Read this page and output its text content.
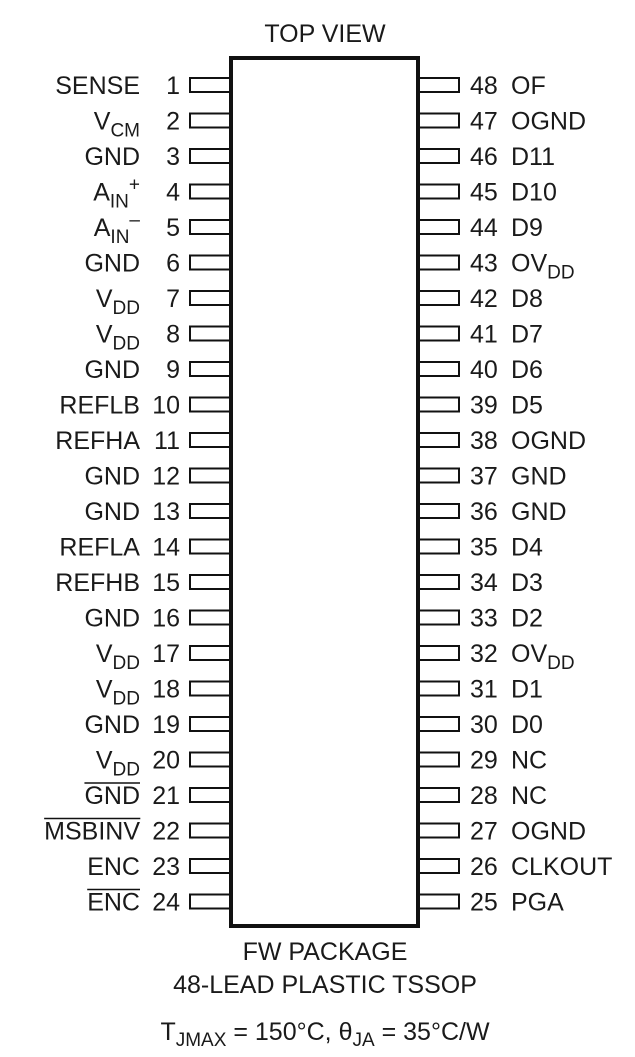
TOP VIEW
1
SENSE
2
$V_{CM}$
3
GND
4
$A_{IN}^+$
5
$A_{IN}^-$
6
GND
7
$V_{DD}$
8
$V_{DD}$
9
GND
10
REFLB
11
REFHA
12
GND
13
GND
14
REFLA
15
REFHB
16
GND
17
$V_{DD}$
18
$V_{DD}$
19
GND
20
$V_{DD}$
21
GND
22
MSBINV
23
ENC
24
ENC
48 OF
47 OGND
46 D11
45 D10
44 D9
43 $OV_{DD}$
42 D8
41 D7
40 D6
39 D5
38 OGND
37 GND
36 GND
35 D4
34 D3
33 D2
32 $OV_{DD}$
31 D1
30 D0
29 NC
28 NC
27 OGND
26 CLKOUT
25 PGA
FW PACKAGE
48-LEAD PLASTIC TSSOP
$T_{JMAX} = 150^\circ C$, $\theta_{JA} = 35^\circ C/W$
